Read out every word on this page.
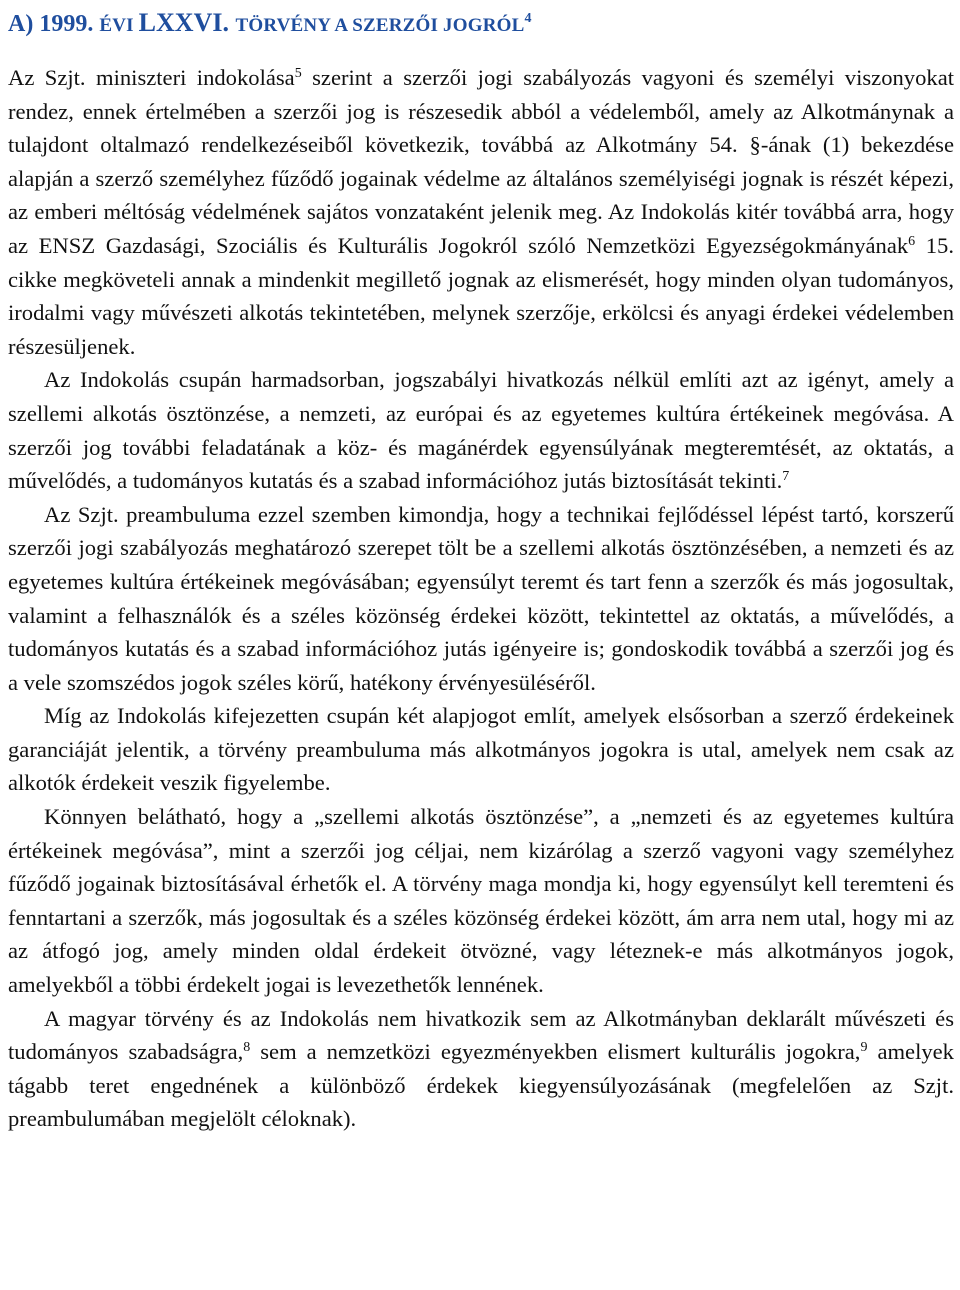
A) 1999. ÉVI LXXVI. TÖRVÉNY A SZERZŐI JOGRÓL$^4$

Az Szjt. miniszteri indokolása$^5$ szerint a szerzői jogi szabályozás vagyoni és személyi viszonyokat rendez, ennek értelmében a szerzői jog is részesedik abból a védelemből, amely az Alkotmánynak a tulajdont oltalmazó rendelkezéseiből következik, továbbá az Alkotmány 54. §-ának (1) bekezdése alapján a szerző személyhez fűződő jogainak védelme az általános személyiségi jognak is részét képezi, az emberi méltóság védelmének sajátos vonzataként jelenik meg. Az Indokolás kitér továbbá arra, hogy az ENSZ Gazdasági, Szociális és Kulturális Jogokról szóló Nemzetközi Egyezségokmányának$^6$ 15. cikke megköveteli annak a mindenkit megillető jognak az elismerését, hogy minden olyan tudományos, irodalmi vagy művészeti alkotás tekintetében, melynek szerzője, erkölcsi és anyagi érdekei védelemben részesüljenek.

Az Indokolás csupán harmadsorban, jogszabályi hivatkozás nélkül említi azt az igényt, amely a szellemi alkotás ösztönzése, a nemzeti, az európai és az egyetemes kultúra értékeinek megóvása. A szerzői jog további feladatának a köz- és magánérdek egyensúlyának megteremtését, az oktatás, a művelődés, a tudományos kutatás és a szabad információhoz jutás biztosítását tekinti.$^7$

Az Szjt. preambuluma ezzel szemben kimondja, hogy a technikai fejlődéssel lépést tartó, korszerű szerzői jogi szabályozás meghatározó szerepet tölt be a szellemi alkotás ösztönzésében, a nemzeti és az egyetemes kultúra értékeinek megóvásában; egyensúlyt teremt és tart fenn a szerzők és más jogosultak, valamint a felhasználók és a széles közönség érdekei között, tekintettel az oktatás, a művelődés, a tudományos kutatás és a szabad információhoz jutás igényeire is; gondoskodik továbbá a szerzői jog és a vele szomszédos jogok széles körű, hatékony érvényesüléséről.

Míg az Indokolás kifejezetten csupán két alapjogot említ, amelyek elsősorban a szerző érdekeinek garanciáját jelentik, a törvény preambuluma más alkotmányos jogokra is utal, amelyek nem csak az alkotók érdekeit veszik figyelembe.

Könnyen belátható, hogy a „szellemi alkotás ösztönzése”, a „nemzeti és az egyetemes kultúra értékeinek megóvása”, mint a szerzői jog céljai, nem kizárólag a szerző vagyoni vagy személyhez fűződő jogainak biztosításával érhetők el. A törvény maga mondja ki, hogy egyensúlyt kell teremteni és fenntartani a szerzők, más jogosultak és a széles közönség érdekei között, ám arra nem utal, hogy mi az az átfogó jog, amely minden oldal érdekeit ötvözné, vagy léteznek-e más alkotmányos jogok, amelyekből a többi érdekelt jogai is levezethetők lennének.

A magyar törvény és az Indokolás nem hivatkozik sem az Alkotmányban deklarált művészeti és tudományos szabadságra,$^8$ sem a nemzetközi egyezményekben elismert kulturális jogokra,$^9$ amelyek tágabb teret engednének a különböző érdekek kiegyensúlyozásának (megfelelően az Szjt. preambulumában megjelölt céloknak).
